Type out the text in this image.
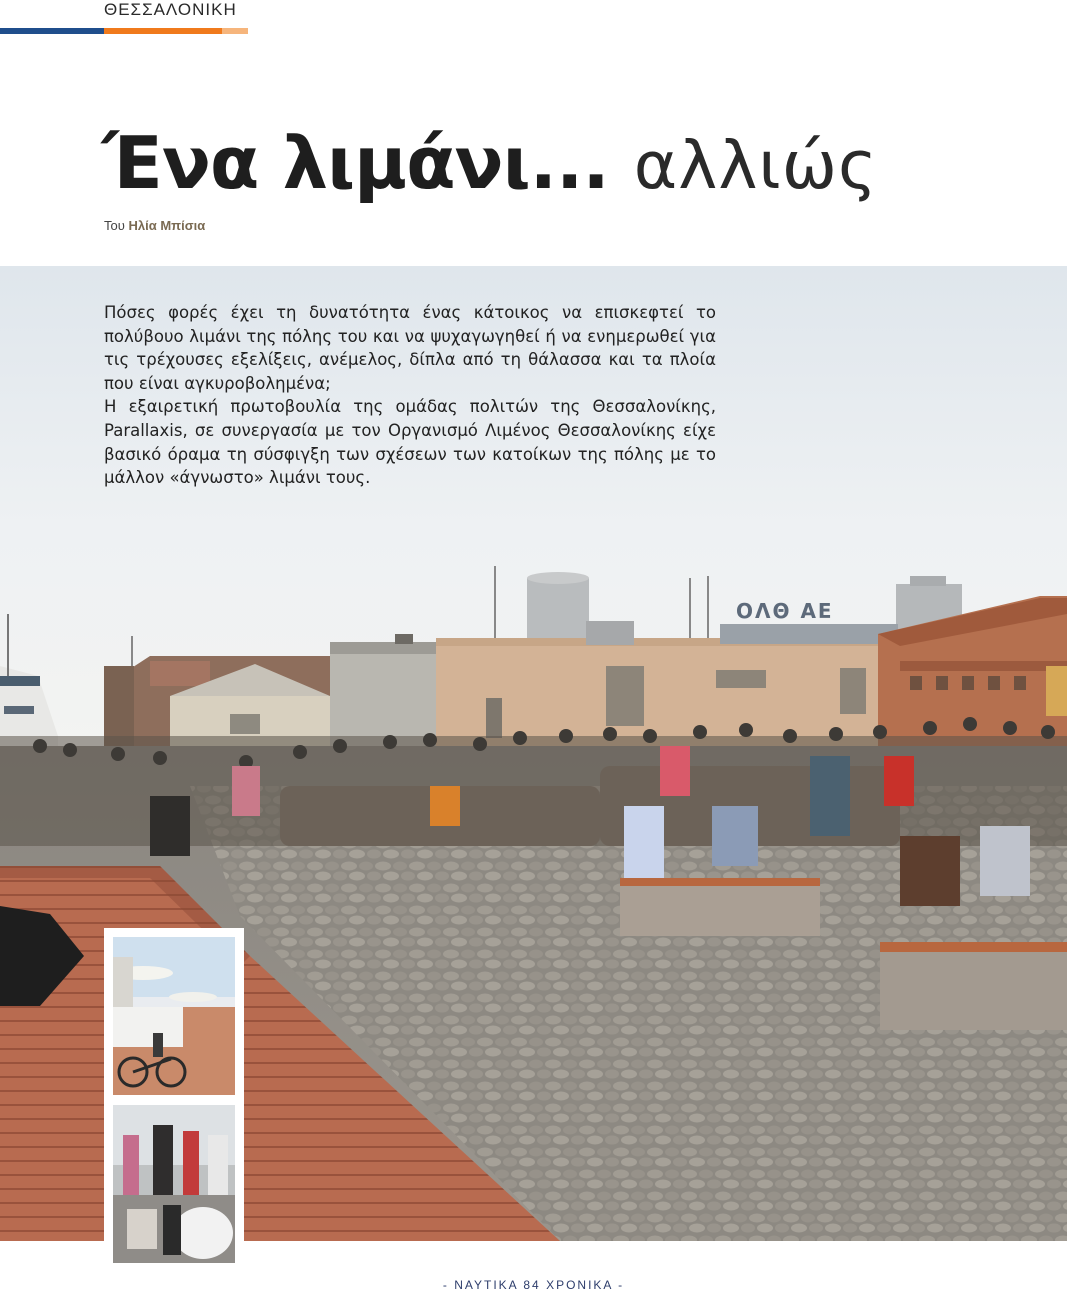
ΘΕΣΣΑΛΟΝΙΚΗ
Ένα λιμάνι... αλλιώς
Του Ηλία Μπίσια
ΟΛΘ ΑΕ

Πόσες φορές έχει τη δυνατότητα ένας κάτοικος να επισκεφτεί το πολύβουο λιμάνι της πόλης του και να ψυχαγωγηθεί ή να ενημερωθεί για τις τρέχουσες εξελίξεις, ανέμελος, δίπλα από τη θάλασσα και τα πλοία που είναι αγκυροβολημένα;

Η εξαιρετική πρωτοβουλία της ομάδας πολιτών της Θεσσαλονίκης, Parallaxis, σε συνεργασία με τον Οργανισμό Λιμένος Θεσσαλονίκης είχε βασικό όραμα τη σύσφιγξη των σχέσεων των κατοίκων της πόλης με το μάλλον «άγνωστο» λιμάνι τους.

- ΝΑΥΤΙΚΑ 84 ΧΡΟΝΙΚΑ -
